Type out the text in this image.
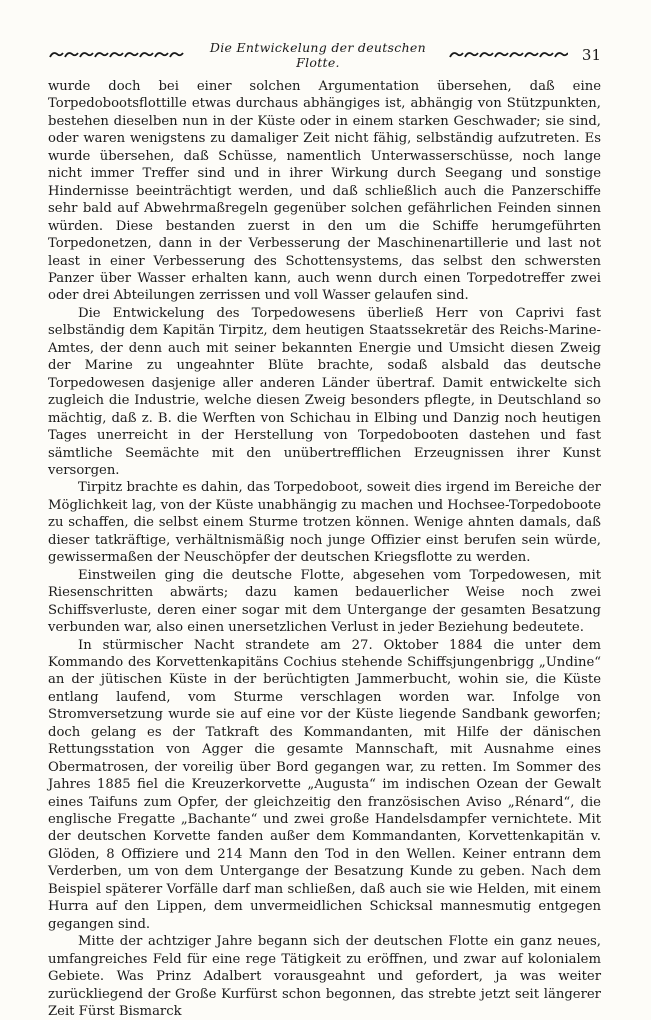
Die Entwickelung der deutschen Flotte.	31

wurde doch bei einer solchen Argumentation übersehen, daß eine Torpedobootsflottille etwas durchaus abhängiges ist, abhängig von Stützpunkten, bestehen dieselben nun in der Küste oder in einem starken Geschwader; sie sind, oder waren wenigstens zu damaliger Zeit nicht fähig, selbständig aufzutreten. Es wurde übersehen, daß Schüsse, namentlich Unterwasserschüsse, noch lange nicht immer Treffer sind und in ihrer Wirkung durch Seegang und sonstige Hindernisse beeinträchtigt werden, und daß schließlich auch die Panzerschiffe sehr bald auf Abwehrmaßregeln gegenüber solchen gefährlichen Feinden sinnen würden. Diese bestanden zuerst in den um die Schiffe herumgeführten Torpedonetzen, dann in der Verbesserung der Maschinenartillerie und last not least in einer Verbesserung des Schottensystems, das selbst den schwersten Panzer über Wasser erhalten kann, auch wenn durch einen Torpedotreffer zwei oder drei Abteilungen zerrissen und voll Wasser gelaufen sind.

Die Entwickelung des Torpedowesens überließ Herr von Caprivi fast selbständig dem Kapitän Tirpitz, dem heutigen Staatssekretär des Reichs-Marine-Amtes, der denn auch mit seiner bekannten Energie und Umsicht diesen Zweig der Marine zu ungeahnter Blüte brachte, sodaß alsbald das deutsche Torpedowesen dasjenige aller anderen Länder übertraf. Damit entwickelte sich zugleich die Industrie, welche diesen Zweig besonders pflegte, in Deutschland so mächtig, daß z. B. die Werften von Schichau in Elbing und Danzig noch heutigen Tages unerreicht in der Herstellung von Torpedobooten dastehen und fast sämtliche Seemächte mit den unübertrefflichen Erzeugnissen ihrer Kunst versorgen.

Tirpitz brachte es dahin, das Torpedoboot, soweit dies irgend im Bereiche der Möglichkeit lag, von der Küste unabhängig zu machen und Hochsee-Torpedoboote zu schaffen, die selbst einem Sturme trotzen können. Wenige ahnten damals, daß dieser tatkräftige, verhältnismäßig noch junge Offizier einst berufen sein würde, gewissermaßen der Neuschöpfer der deutschen Kriegsflotte zu werden.

Einstweilen ging die deutsche Flotte, abgesehen vom Torpedowesen, mit Riesenschritten abwärts; dazu kamen bedauerlicher Weise noch zwei Schiffsverluste, deren einer sogar mit dem Untergange der gesamten Besatzung verbunden war, also einen unersetzlichen Verlust in jeder Beziehung bedeutete.

In stürmischer Nacht strandete am 27. Oktober 1884 die unter dem Kommando des Korvettenkapitäns Cochius stehende Schiffsjungenbrigg „Undine“ an der jütischen Küste in der berüchtigten Jammerbucht, wohin sie, die Küste entlang laufend, vom Sturme verschlagen worden war. Infolge von Stromversetzung wurde sie auf eine vor der Küste liegende Sandbank geworfen; doch gelang es der Tatkraft des Kommandanten, mit Hilfe der dänischen Rettungsstation von Agger die gesamte Mannschaft, mit Ausnahme eines Obermatrosen, der voreilig über Bord gegangen war, zu retten. Im Sommer des Jahres 1885 fiel die Kreuzerkorvette „Augusta“ im indischen Ozean der Gewalt eines Taifuns zum Opfer, der gleichzeitig den französischen Aviso „Rénard“, die englische Fregatte „Bachante“ und zwei große Handelsdampfer vernichtete. Mit der deutschen Korvette fanden außer dem Kommandanten, Korvettenkapitän v. Glöden, 8 Offiziere und 214 Mann den Tod in den Wellen. Keiner entrann dem Verderben, um von dem Untergange der Besatzung Kunde zu geben. Nach dem Beispiel späterer Vorfälle darf man schließen, daß auch sie wie Helden, mit einem Hurra auf den Lippen, dem unvermeidlichen Schicksal mannesmutig entgegen gegangen sind.

Mitte der achtziger Jahre begann sich der deutschen Flotte ein ganz neues, umfangreiches Feld für eine rege Tätigkeit zu eröffnen, und zwar auf kolonialem Gebiete. Was Prinz Adalbert vorausgeahnt und gefordert, ja was weiter zurückliegend der Große Kurfürst schon begonnen, das strebte jetzt seit längerer Zeit Fürst Bismarck
